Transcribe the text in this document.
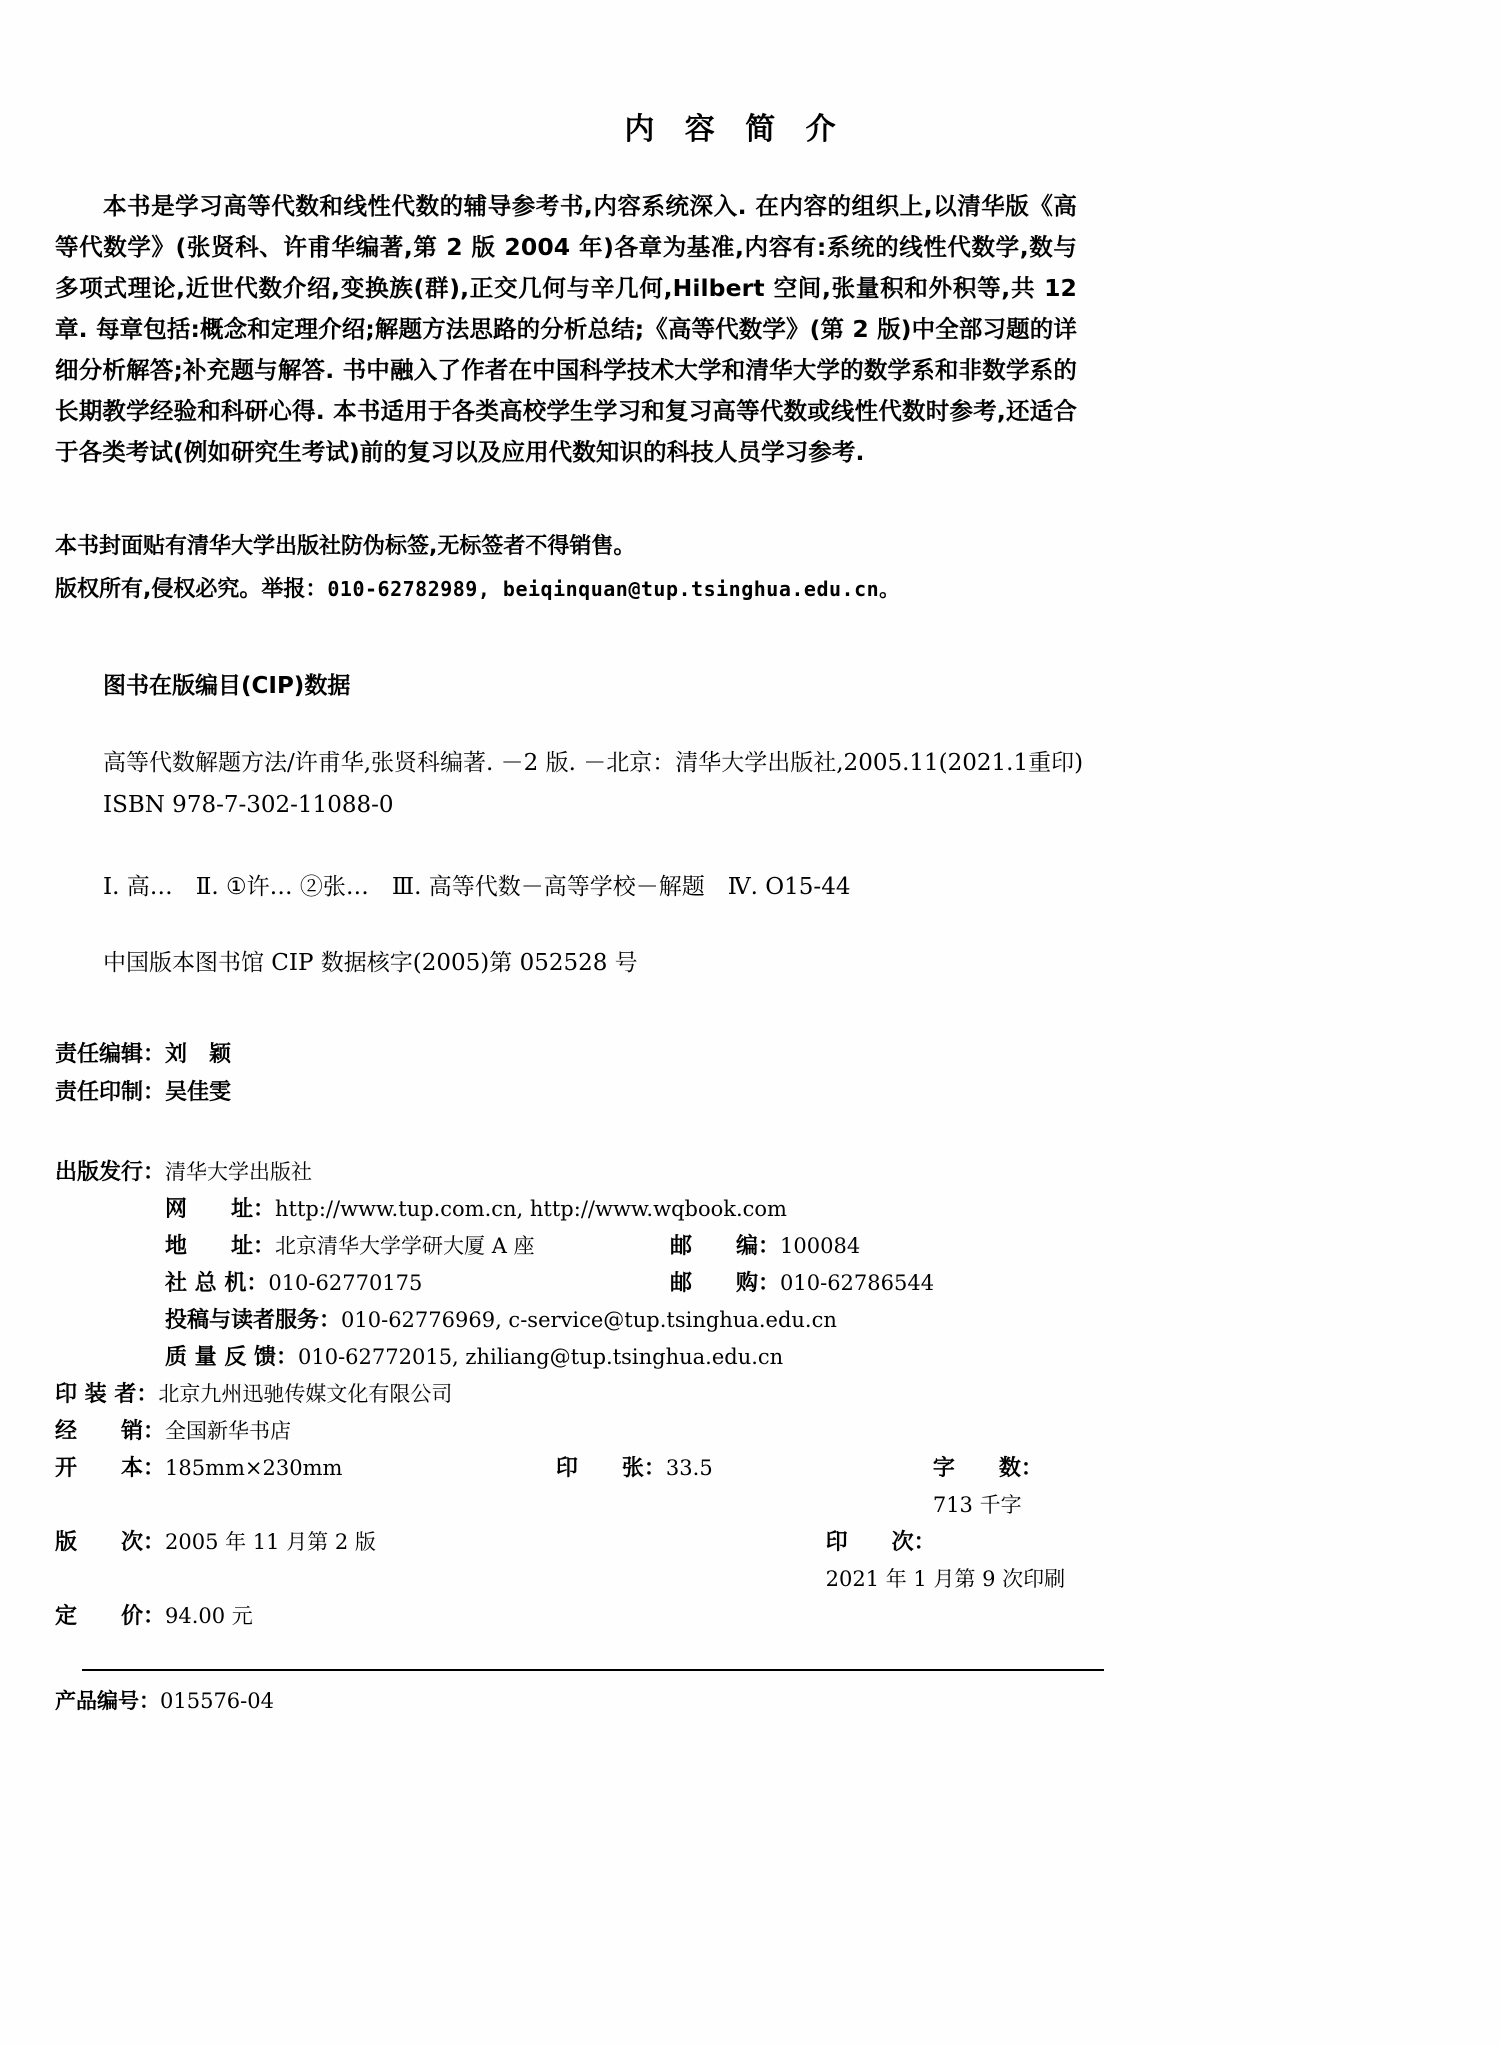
内 容 简 介
本书是学习高等代数和线性代数的辅导参考书,内容系统深入. 在内容的组织上,以清华版《高等代数学》(张贤科、许甫华编著,第 2 版 2004 年)各章为基准,内容有:系统的线性代数学,数与多项式理论,近世代数介绍,变换族(群),正交几何与辛几何,Hilbert 空间,张量积和外积等,共 12 章. 每章包括:概念和定理介绍;解题方法思路的分析总结;《高等代数学》(第 2 版)中全部习题的详细分析解答;补充题与解答. 书中融入了作者在中国科学技术大学和清华大学的数学系和非数学系的长期教学经验和科研心得. 本书适用于各类高校学生学习和复习高等代数或线性代数时参考,还适合于各类考试(例如研究生考试)前的复习以及应用代数知识的科技人员学习参考.
本书封面贴有清华大学出版社防伪标签,无标签者不得销售。
版权所有,侵权必究。举报：010-62782989, beiqinquan@tup.tsinghua.edu.cn。
图书在版编目(CIP)数据
高等代数解题方法/许甫华,张贤科编著. －2 版. －北京：清华大学出版社,2005.11(2021.1重印)
ISBN 978-7-302-11088-0
Ⅰ. 高…　Ⅱ. ①许… ②张…　Ⅲ. 高等代数－高等学校－解题　Ⅳ. O15-44
中国版本图书馆 CIP 数据核字(2005)第 052528 号
责任编辑：刘　颖
责任印制：吴佳雯
出版发行： 清华大学出版社
网　　址： http://www.tup.com.cn, http://www.wqbook.com
地　　址：北京清华大学学研大厦 A 座	邮　　编：100084
社 总 机：010-62770175	邮　　购：010-62786544
投稿与读者服务： 010-62776969, c-service@tup.tsinghua.edu.cn
质 量 反 馈： 010-62772015, zhiliang@tup.tsinghua.edu.cn
印 装 者： 北京九州迅驰传媒文化有限公司
经　　销： 全国新华书店
开　　本：185mm×230mm	印　　张：33.5	字　　数：713 千字
版　　次：2005 年 11 月第 2 版	印　　次：2021 年 1 月第 9 次印刷
定　　价： 94.00 元
产品编号：015576-04
